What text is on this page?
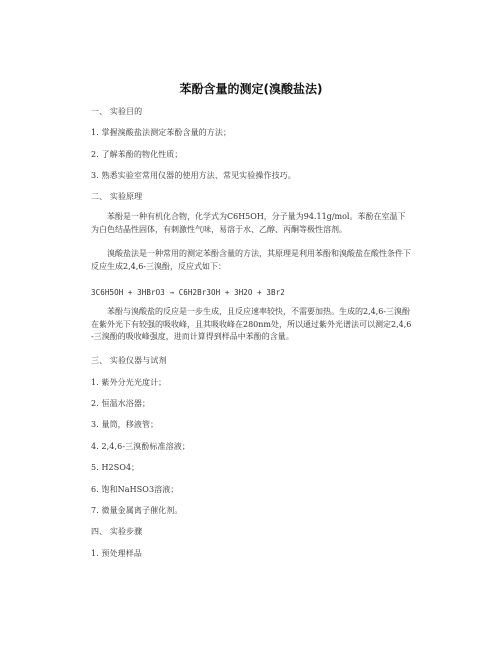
苯酚含量的测定(溴酸盐法)
一、 实验目的
1. 掌握溴酸盐法测定苯酚含量的方法；
2. 了解苯酚的物化性质；
3. 熟悉实验室常用仪器的使用方法、常见实验操作技巧。
二、 实验原理
苯酚是一种有机化合物，化学式为C6H5OH，分子量为94.11g/mol。苯酚在室温下为白色结晶性固体，有刺激性气味，易溶于水、乙醇、丙酮等极性溶剂。
溴酸盐法是一种常用的测定苯酚含量的方法，其原理是利用苯酚和溴酸盐在酸性条件下反应生成2,4,6-三溴酚，反应式如下：
3C6H5OH + 3HBrO3 → C6H2Br3OH + 3H2O + 3Br2
苯酚与溴酸盐的反应是一步生成，且反应速率较快，不需要加热。生成的2,4,6-三溴酚在紫外光下有较强的吸收峰，且其吸收峰在280nm处，所以通过紫外光谱法可以测定2,4,6-三溴酚的吸收峰强度，进而计算得到样品中苯酚的含量。
三、 实验仪器与试剂
1. 紫外分光光度计；
2. 恒温水浴器；
3. 量筒，移液管；
4. 2,4,6-三溴酚标准溶液；
5. H2SO4；
6. 饱和NaHSO3溶液；
7. 微量金属离子催化剂。
四、 实验步骤
1. 预处理样品
